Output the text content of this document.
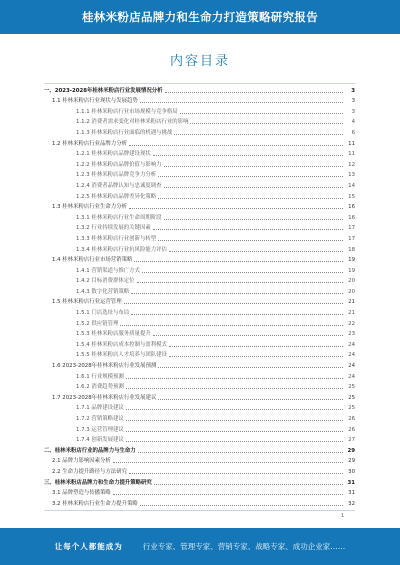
桂林米粉店品牌力和生命力打造策略研究报告
内容目录
一、2023-2028年桂林米粉店行业发展情况分析	3
1.1 桂林米粉店行业现状与发展趋势	3
1.1.1 桂林米粉店行业市场规模与竞争格局	3
1.1.2 消费者需求变化对桂林米粉店行业的影响	4
1.1.3 桂林米粉店行业面临的机遇与挑战	6
1.2 桂林米粉店行业品牌力分析	11
1.2.1 桂林米粉店品牌建设现状	11
1.2.2 桂林米粉店品牌价值与影响力	12
1.2.3 桂林米粉店品牌竞争力分析	13
1.2.4 消费者品牌认知与忠诚度调查	14
1.2.5 桂林米粉店品牌差异化策略	15
1.3 桂林米粉店行业生命力分析	16
1.3.1 桂林米粉店行业生命周期阶段	16
1.3.2 行业持续发展的关键因素	17
1.3.3 桂林米粉店行业创新与转型	17
1.3.4 桂林米粉店行业抗风险能力评估	18
1.4 桂林米粉店行业市场营销策略	19
1.4.1 营销渠道与推广方式	19
1.4.2 目标消费群体定位	20
1.4.3 数字化营销策略	20
1.5 桂林米粉店行业运营管理	21
1.5.1 门店选址与布局	21
1.5.2 供应链管理	22
1.5.3 桂林米粉店服务质量提升	23
1.5.4 桂林米粉店成本控制与盈利模式	24
1.5.5 桂林米粉店人才培养与团队建设	24
1.6 2023-2028年桂林米粉店行业发展预测	24
1.6.1 行业规模预测	24
1.6.2 消费趋势预测	25
1.7 2023-2028年桂林米粉店行业发展建议	25
1.7.1 品牌建设建议	25
1.7.2 营销策略建议	26
1.7.3 运营管理建议	26
1.7.4 创新发展建议	27
二、桂林米粉店行业的品牌力与生命力	29
2.1 品牌力影响因素分析	29
2.2 生命力提升路径与方法研究	30
三、桂林米粉店品牌力和生命力提升策略研究	31
3.1 品牌塑造与传播策略	31
3.2 桂林米粉店行业生命力提升策略	32
1
让每个人都能成为	行业专家、管理专家、营销专家、战略专家、成功企业家……
